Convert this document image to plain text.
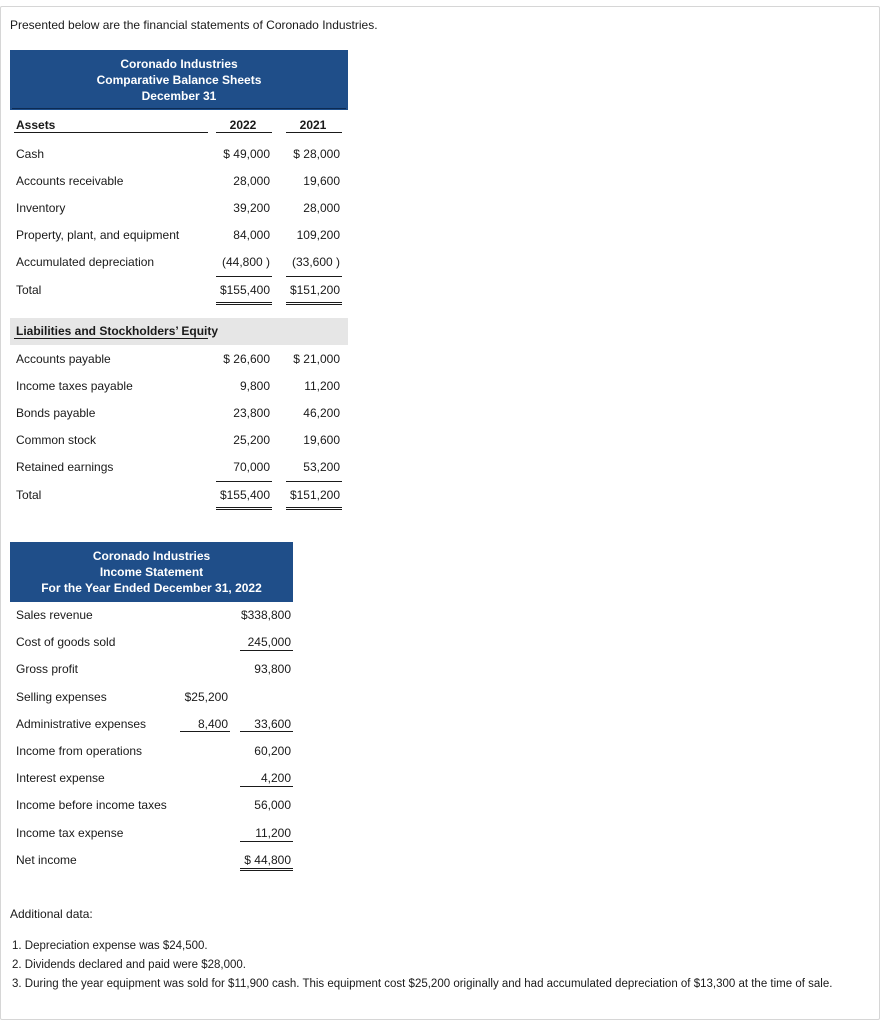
Presented below are the financial statements of Coronado Industries.
Coronado Industries
Comparative Balance Sheets
December 31
Assets	2022	2021
Cash	$ 49,000 $ 28,000
Accounts receivable	28,000	19,600
Inventory	39,200	28,000
Property, plant, and equipment	84,000 109,200
Accumulated depreciation	(44,800 ) (33,600 )
Total	$155,400 $151,200
Liabilities and Stockholders’ Equity
Accounts payable	$ 26,600 $ 21,000
Income taxes payable	9,800	11,200
Bonds payable	23,800	46,200
Common stock	25,200	19,600
Retained earnings	70,000	53,200
Total	$155,400 $151,200
Coronado Industries
Income Statement
For the Year Ended December 31, 2022
Sales revenue	$338,800
Cost of goods sold	245,000
Gross profit	93,800
Selling expenses	$25,200
Administrative expenses	8,400 33,600
Income from operations	60,200
Interest expense	4,200
Income before income taxes	56,000
Income tax expense	11,200
Net income	$ 44,800
Additional data:
1. Depreciation expense was $24,500.
2. Dividends declared and paid were $28,000.
3. During the year equipment was sold for $11,900 cash. This equipment cost $25,200 originally and had accumulated depreciation of $13,300 at the time of sale.
